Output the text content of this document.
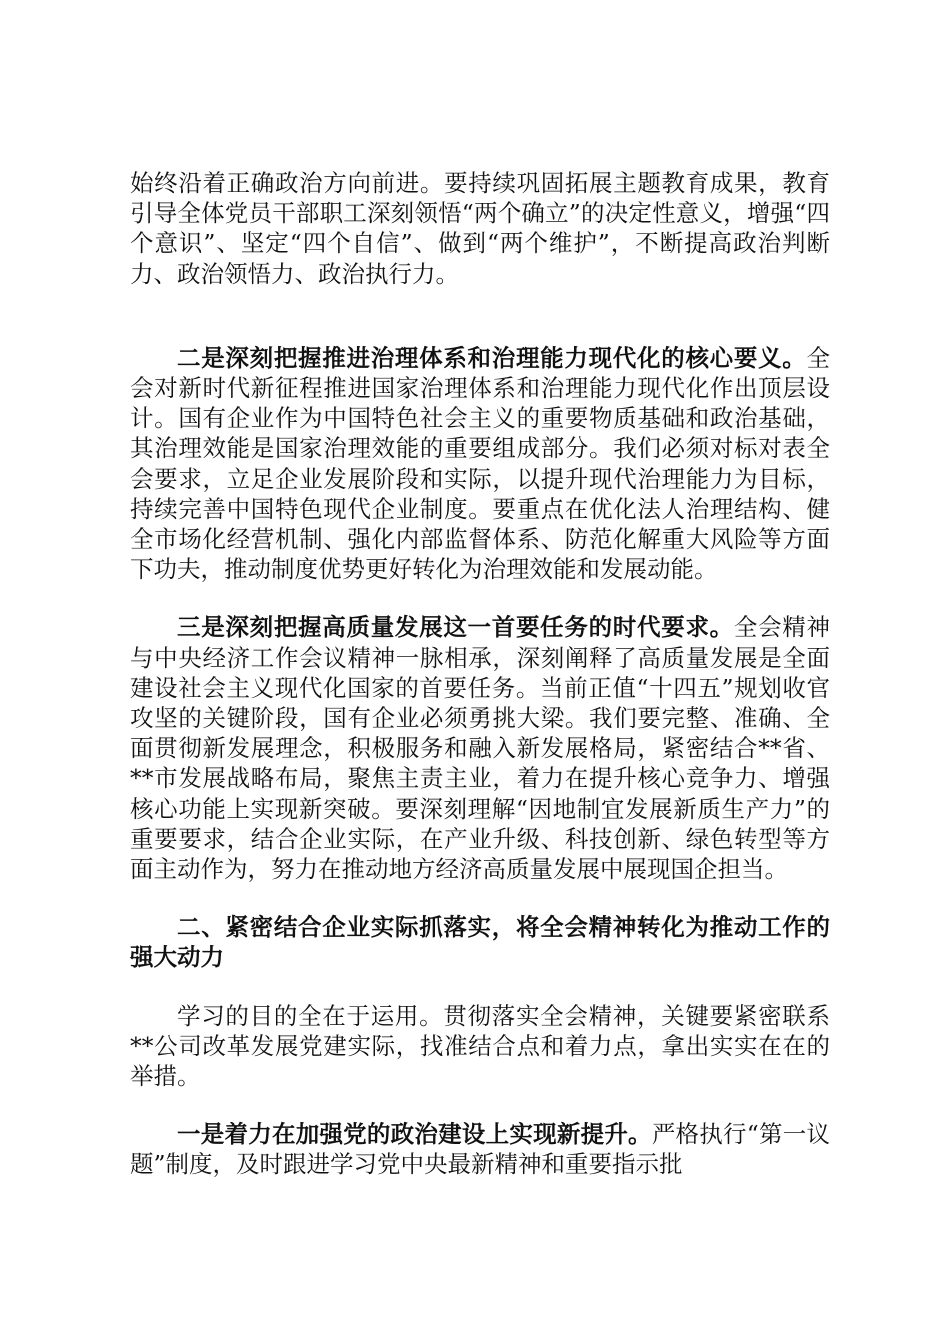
始终沿着正确政治方向前进。要持续巩固拓展主题教育成果，教育引导全体党员干部职工深刻领悟“两个确立”的决定性意义，增强“四个意识”、坚定“四个自信”、做到“两个维护”，不断提高政治判断力、政治领悟力、政治执行力。

二是深刻把握推进治理体系和治理能力现代化的核心要义。全会对新时代新征程推进国家治理体系和治理能力现代化作出顶层设计。国有企业作为中国特色社会主义的重要物质基础和政治基础，其治理效能是国家治理效能的重要组成部分。我们必须对标对表全会要求，立足企业发展阶段和实际，以提升现代治理能力为目标，持续完善中国特色现代企业制度。要重点在优化法人治理结构、健全市场化经营机制、强化内部监督体系、防范化解重大风险等方面下功夫，推动制度优势更好转化为治理效能和发展动能。

三是深刻把握高质量发展这一首要任务的时代要求。全会精神与中央经济工作会议精神一脉相承，深刻阐释了高质量发展是全面建设社会主义现代化国家的首要任务。当前正值“十四五”规划收官攻坚的关键阶段，国有企业必须勇挑大梁。我们要完整、准确、全面贯彻新发展理念，积极服务和融入新发展格局，紧密结合**省、**市发展战略布局，聚焦主责主业，着力在提升核心竞争力、增强核心功能上实现新突破。要深刻理解“因地制宜发展新质生产力”的重要要求，结合企业实际，在产业升级、科技创新、绿色转型等方面主动作为，努力在推动地方经济高质量发展中展现国企担当。

二、紧密结合企业实际抓落实，将全会精神转化为推动工作的强大动力

学习的目的全在于运用。贯彻落实全会精神，关键要紧密联系**公司改革发展党建实际，找准结合点和着力点，拿出实实在在的举措。

一是着力在加强党的政治建设上实现新提升。严格执行“第一议题”制度，及时跟进学习党中央最新精神和重要指示批
